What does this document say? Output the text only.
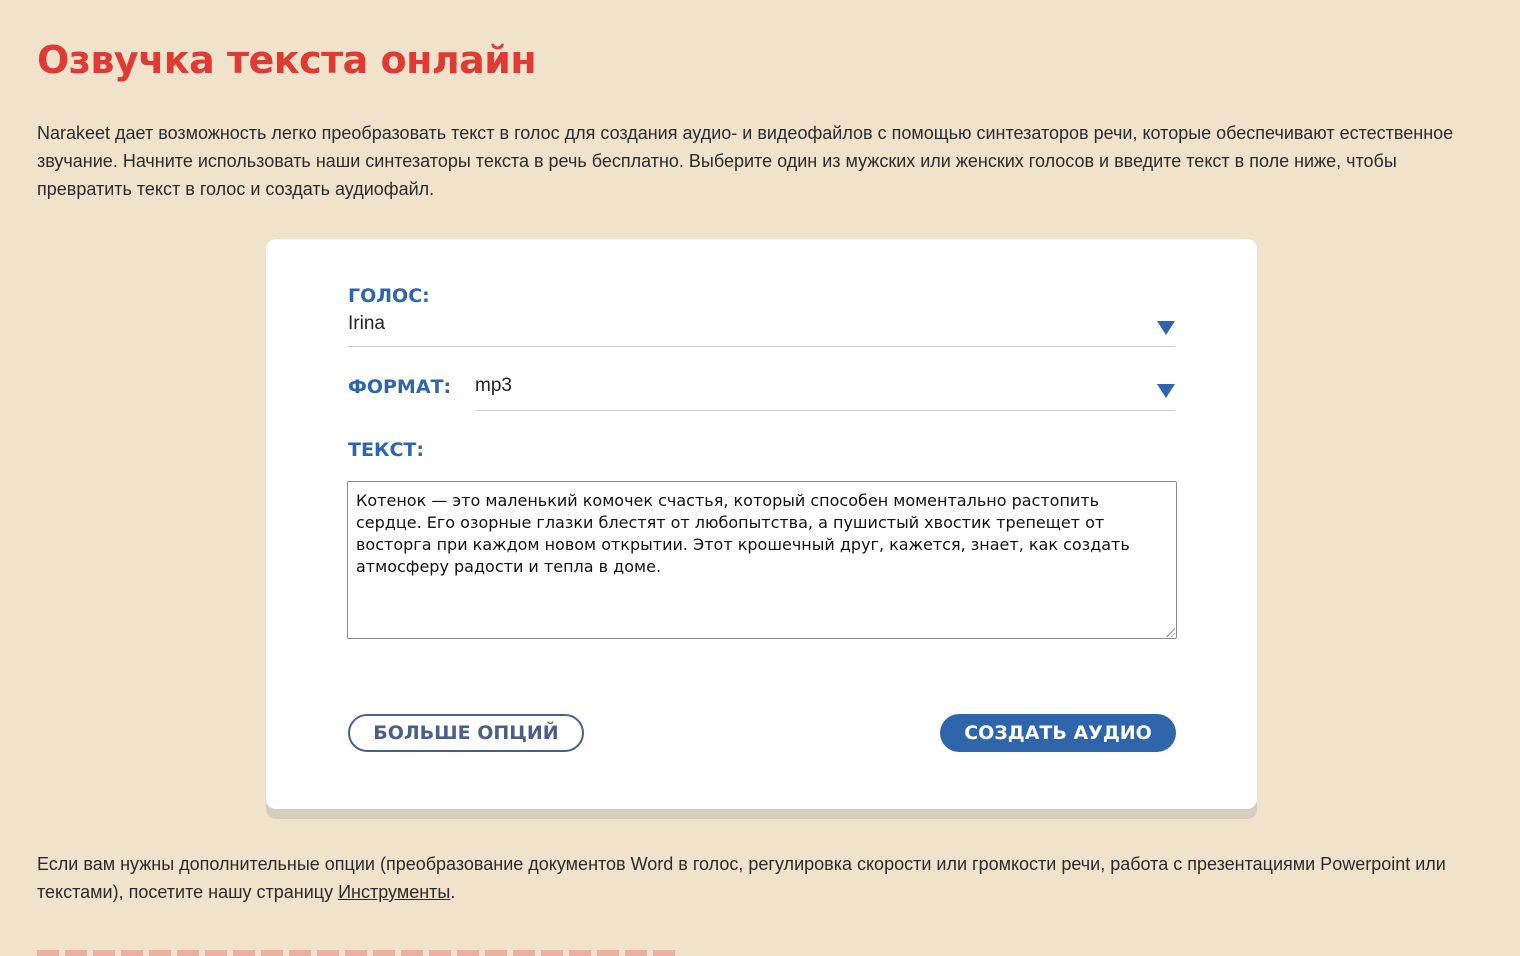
Озвучка текста онлайн

Narakeet дает возможность легко преобразовать текст в голос для создания аудио- и видеофайлов с помощью синтезаторов речи, которые обеспечивают естественное звучание. Начните использовать наши синтезаторы текста в речь бесплатно. Выберите один из мужских или женских голосов и введите текст в поле ниже, чтобы превратить текст в голос и создать аудиофайл.

ГОЛОС:
Irina
ФОРМАТ: mp3
ТЕКСТ:
Котенок — это маленький комочек счастья, который способен моментально растопить сердце. Его озорные глазки блестят от любопытства, а пушистый хвостик трепещет от восторга при каждом новом открытии. Этот крошечный друг, кажется, знает, как создать атмосферу радости и тепла в доме.
БОЛЬШЕ ОПЦИЙ	СОЗДАТЬ АУДИО

Если вам нужны дополнительные опции (преобразование документов Word в голос, регулировка скорости или громкости речи, работа с презентациями Powerpoint или текстами), посетите нашу страницу Инструменты.
